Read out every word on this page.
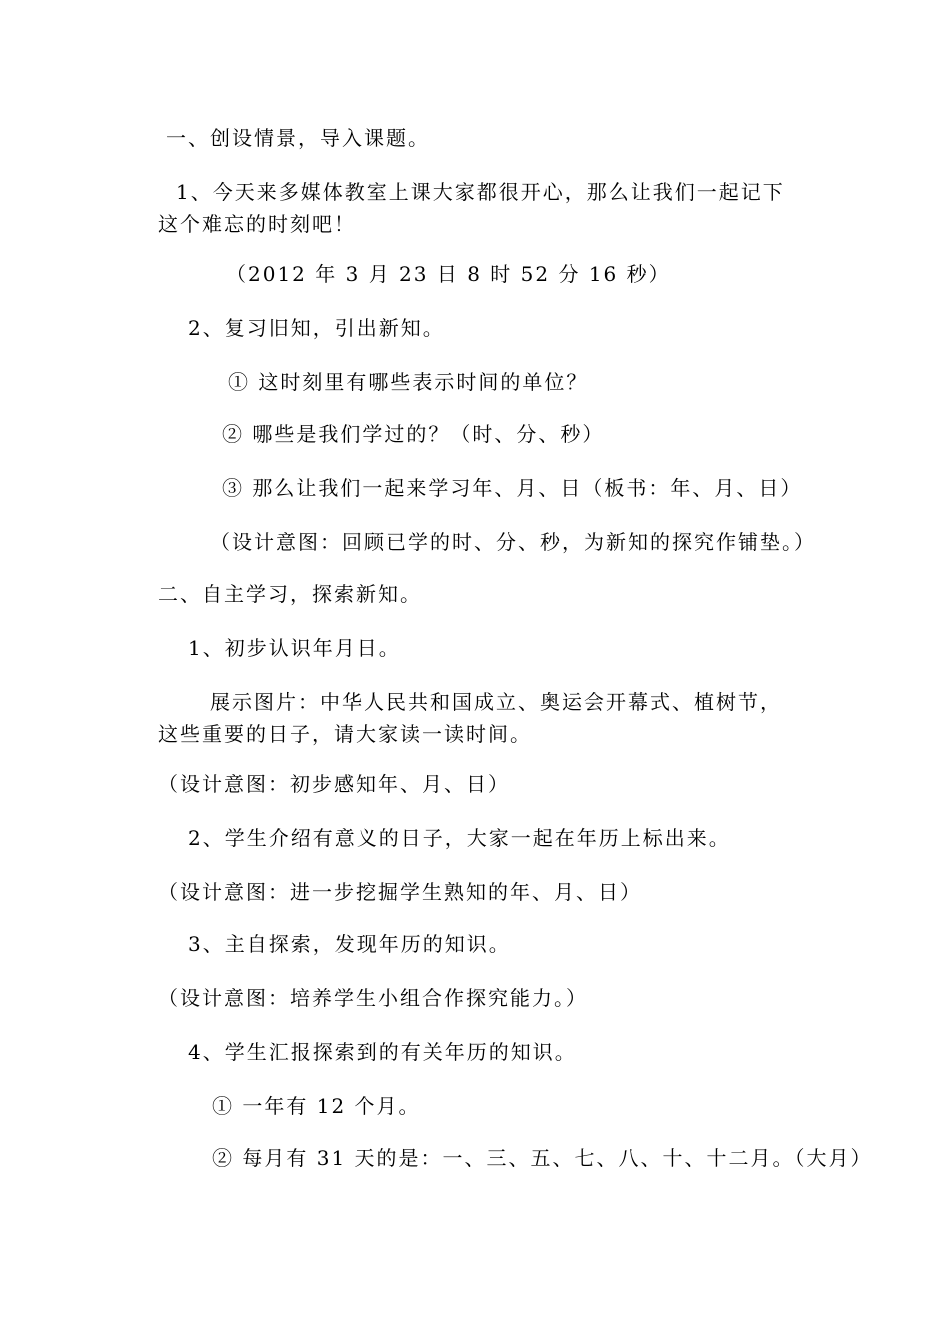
一、创设情景，导入课题。
1、今天来多媒体教室上课大家都很开心，那么让我们一起记下这个难忘的时刻吧！
（2012 年 3 月 23 日 8 时 52 分 16 秒）
2、复习旧知，引出新知。
① 这时刻里有哪些表示时间的单位？
② 哪些是我们学过的？（时、分、秒）
③ 那么让我们一起来学习年、月、日（板书：年、月、日）
（设计意图：回顾已学的时、分、秒，为新知的探究作铺垫。）
二、自主学习，探索新知。
1、初步认识年月日。
展示图片：中华人民共和国成立、奥运会开幕式、植树节，这些重要的日子，请大家读一读时间。
（设计意图：初步感知年、月、日）
2、学生介绍有意义的日子，大家一起在年历上标出来。
（设计意图：进一步挖掘学生熟知的年、月、日）
3、主自探索，发现年历的知识。
（设计意图：培养学生小组合作探究能力。）
4、学生汇报探索到的有关年历的知识。
① 一年有 12 个月。
② 每月有 31 天的是：一、三、五、七、八、十、十二月。（大月）
